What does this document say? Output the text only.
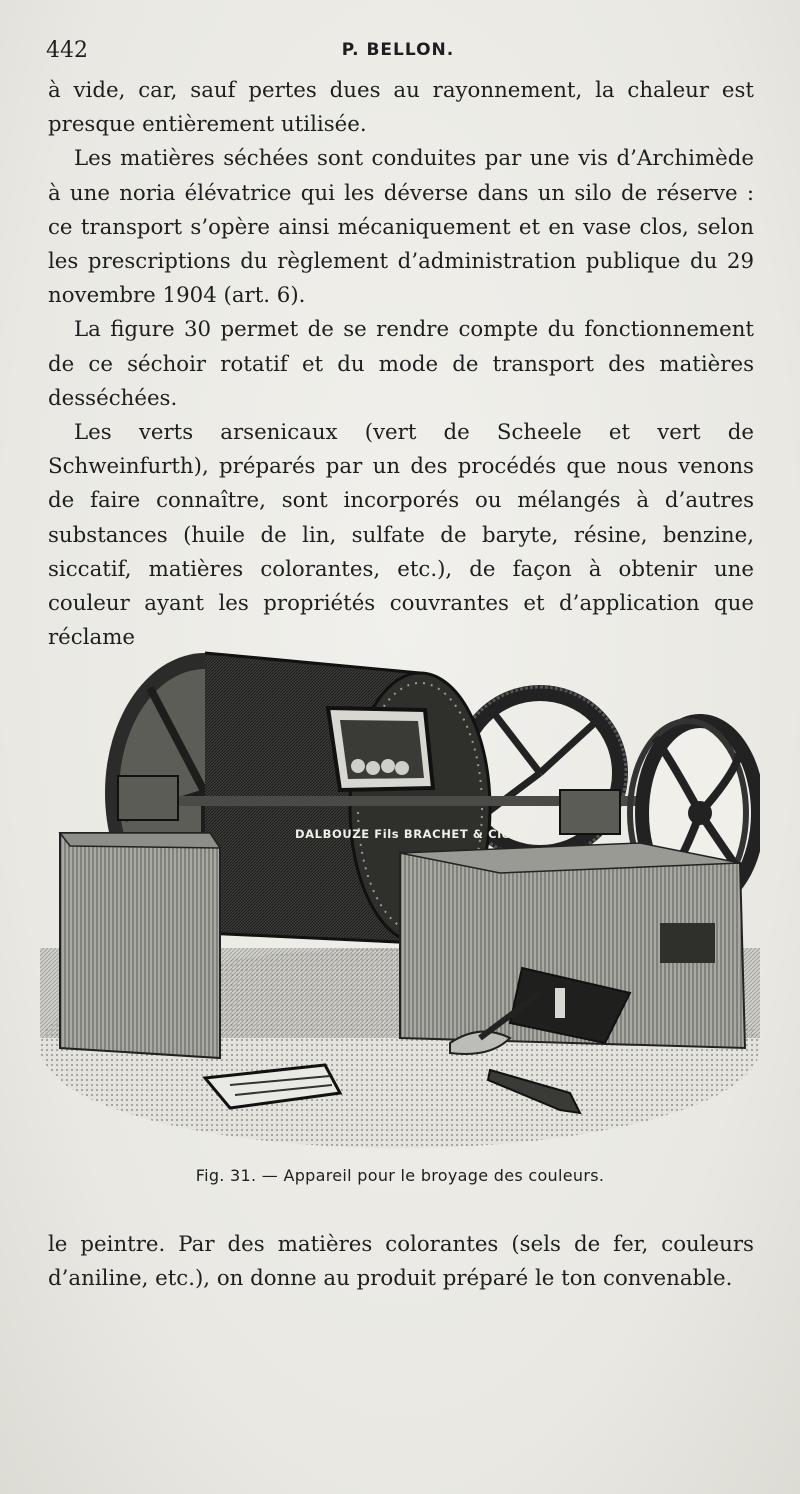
442	P. BELLON.

à vide, car, sauf pertes dues au rayonnement, la chaleur est presque entièrement utilisée.

Les matières séchées sont conduites par une vis d’Archimède à une noria élévatrice qui les déverse dans un silo de réserve : ce transport s’opère ainsi mécaniquement et en vase clos, selon les prescriptions du règlement d’administration publique du 29 novembre 1904 (art. 6).

La figure 30 permet de se rendre compte du fonctionnement de ce séchoir rotatif et du mode de transport des matières desséchées.

Les verts arsenicaux (vert de Scheele et vert de Schweinfurth), préparés par un des procédés que nous venons de faire connaître, sont incorporés ou mélangés à d’autres substances (huile de lin, sulfate de baryte, résine, benzine, siccatif, matières colorantes, etc.), de façon à obtenir une couleur ayant les propriétés couvrantes et d’application que réclame

DALBOUZE Fils BRACHET & Cie
Fig. 31. — Appareil pour le broyage des couleurs.

le peintre. Par des matières colorantes (sels de fer, couleurs d’aniline, etc.), on donne au produit préparé le ton convenable.
